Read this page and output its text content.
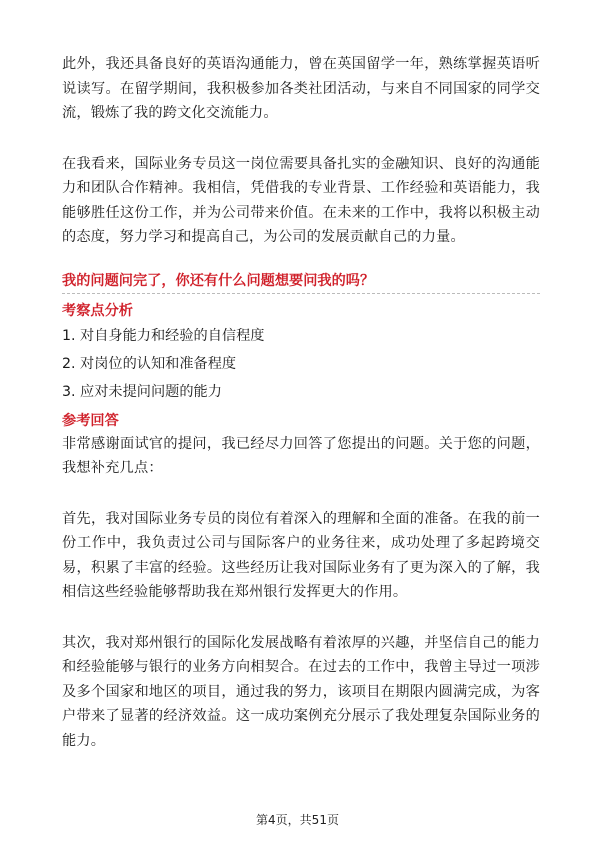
此外，我还具备良好的英语沟通能力，曾在英国留学一年，熟练掌握英语听说读写。在留学期间，我积极参加各类社团活动，与来自不同国家的同学交流，锻炼了我的跨文化交流能力。

在我看来，国际业务专员这一岗位需要具备扎实的金融知识、良好的沟通能力和团队合作精神。我相信，凭借我的专业背景、工作经验和英语能力，我能够胜任这份工作，并为公司带来价值。在未来的工作中，我将以积极主动的态度，努力学习和提高自己，为公司的发展贡献自己的力量。

我的问题问完了，你还有什么问题想要问我的吗？

考察点分析

1. 对自身能力和经验的自信程度
2. 对岗位的认知和准备程度
3. 应对未提问问题的能力

参考回答

非常感谢面试官的提问，我已经尽力回答了您提出的问题。关于您的问题，我想补充几点：

首先，我对国际业务专员的岗位有着深入的理解和全面的准备。在我的前一份工作中，我负责过公司与国际客户的业务往来，成功处理了多起跨境交易，积累了丰富的经验。这些经历让我对国际业务有了更为深入的了解，我相信这些经验能够帮助我在郑州银行发挥更大的作用。

其次，我对郑州银行的国际化发展战略有着浓厚的兴趣，并坚信自己的能力和经验能够与银行的业务方向相契合。在过去的工作中，我曾主导过一项涉及多个国家和地区的项目，通过我的努力，该项目在期限内圆满完成，为客户带来了显著的经济效益。这一成功案例充分展示了我处理复杂国际业务的能力。

第4页，共51页
